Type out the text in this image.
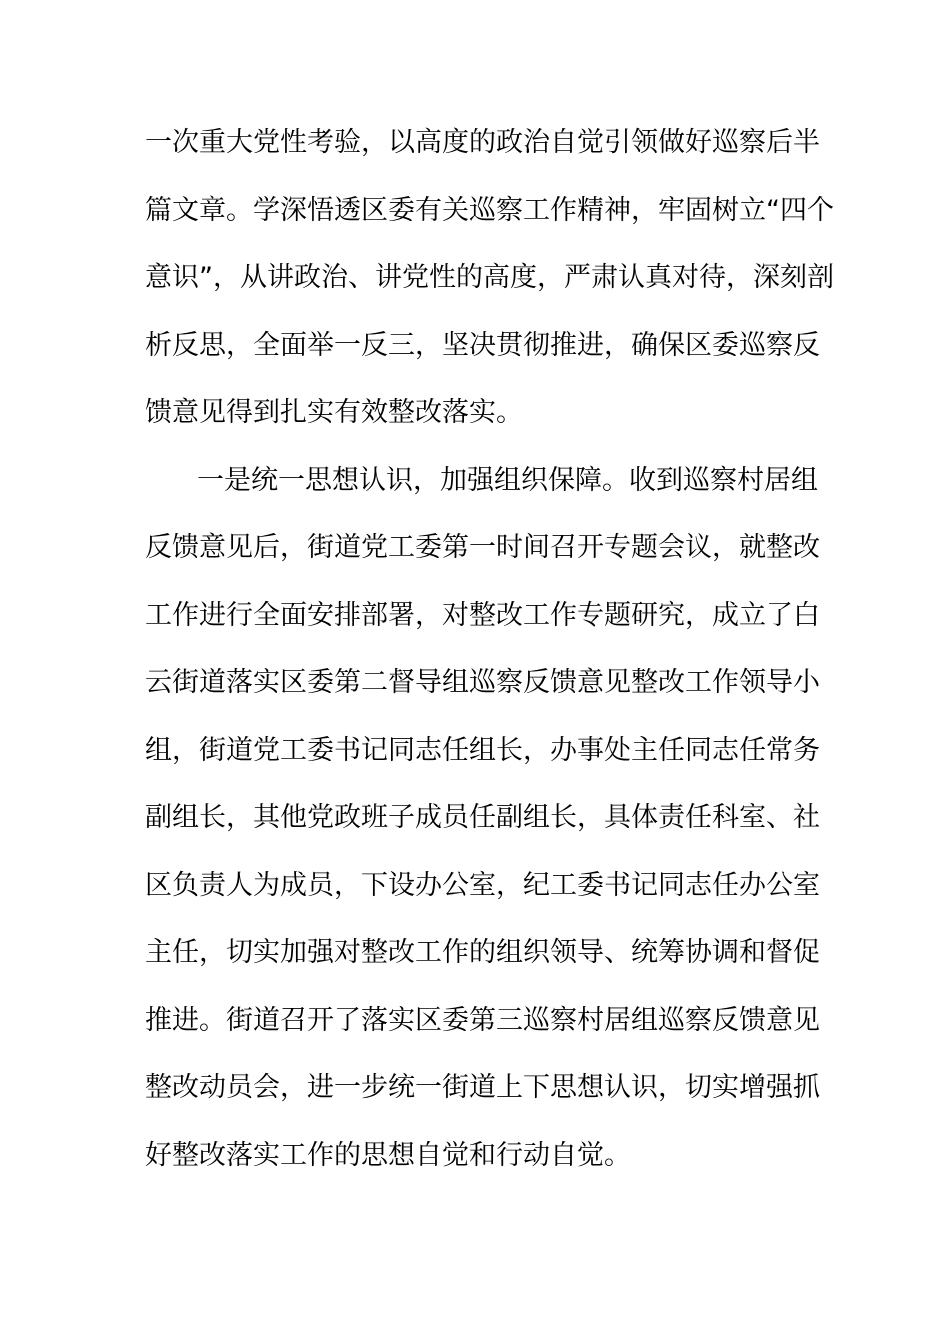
一次重大党性考验，以高度的政治自觉引领做好巡察后半
篇文章。学深悟透区委有关巡察工作精神，牢固树立“四个
意识”，从讲政治、讲党性的高度，严肃认真对待，深刻剖
析反思，全面举一反三，坚决贯彻推进，确保区委巡察反
馈意见得到扎实有效整改落实。
一是统一思想认识，加强组织保障。收到巡察村居组
反馈意见后，街道党工委第一时间召开专题会议，就整改
工作进行全面安排部署，对整改工作专题研究，成立了白
云街道落实区委第二督导组巡察反馈意见整改工作领导小
组，街道党工委书记同志任组长，办事处主任同志任常务
副组长，其他党政班子成员任副组长，具体责任科室、社
区负责人为成员，下设办公室，纪工委书记同志任办公室
主任，切实加强对整改工作的组织领导、统筹协调和督促
推进。街道召开了落实区委第三巡察村居组巡察反馈意见
整改动员会，进一步统一街道上下思想认识，切实增强抓
好整改落实工作的思想自觉和行动自觉。
